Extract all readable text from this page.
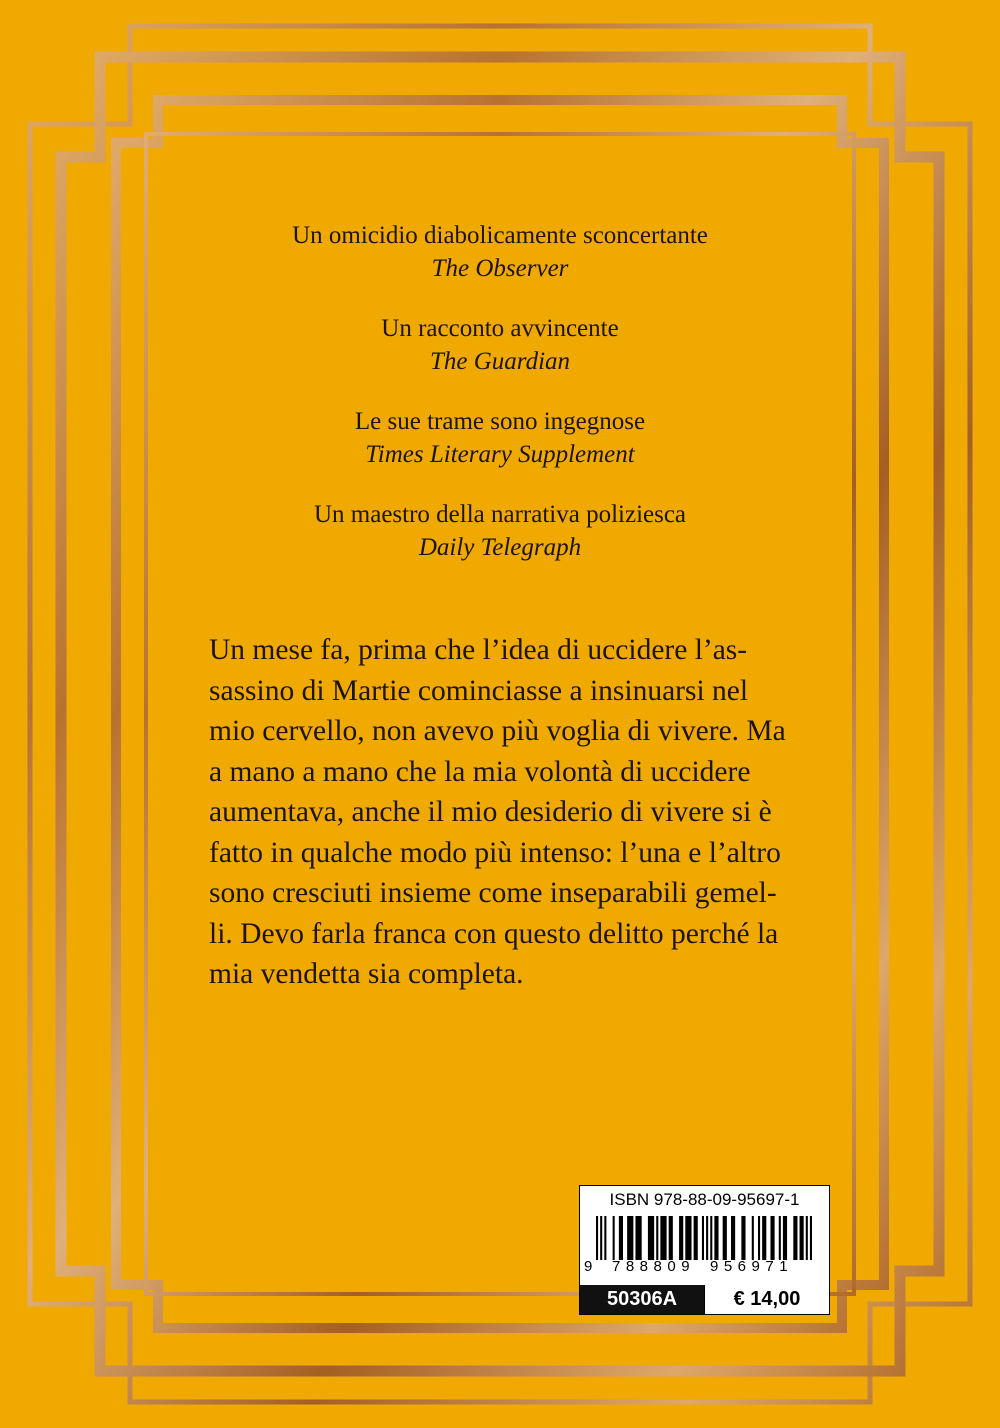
Un omicidio diabolicamente sconcertante
The Observer
Un racconto avvincente
The Guardian
Le sue trame sono ingegnose
Times Literary Supplement
Un maestro della narrativa poliziesca
Daily Telegraph
Un mese fa, prima che l’idea di uccidere l’as-
sassino di Martie cominciasse a insinuarsi nel
mio cervello, non avevo più voglia di vivere. Ma
a mano a mano che la mia volontà di uccidere
aumentava, anche il mio desiderio di vivere si è
fatto in qualche modo più intenso: l’una e l’altro
sono cresciuti insieme come inseparabili gemel-
li. Devo farla franca con questo delitto perché la
mia vendetta sia completa.
ISBN 978-88-09-95697-1
9 788809 956971
50306A	€ 14,00
